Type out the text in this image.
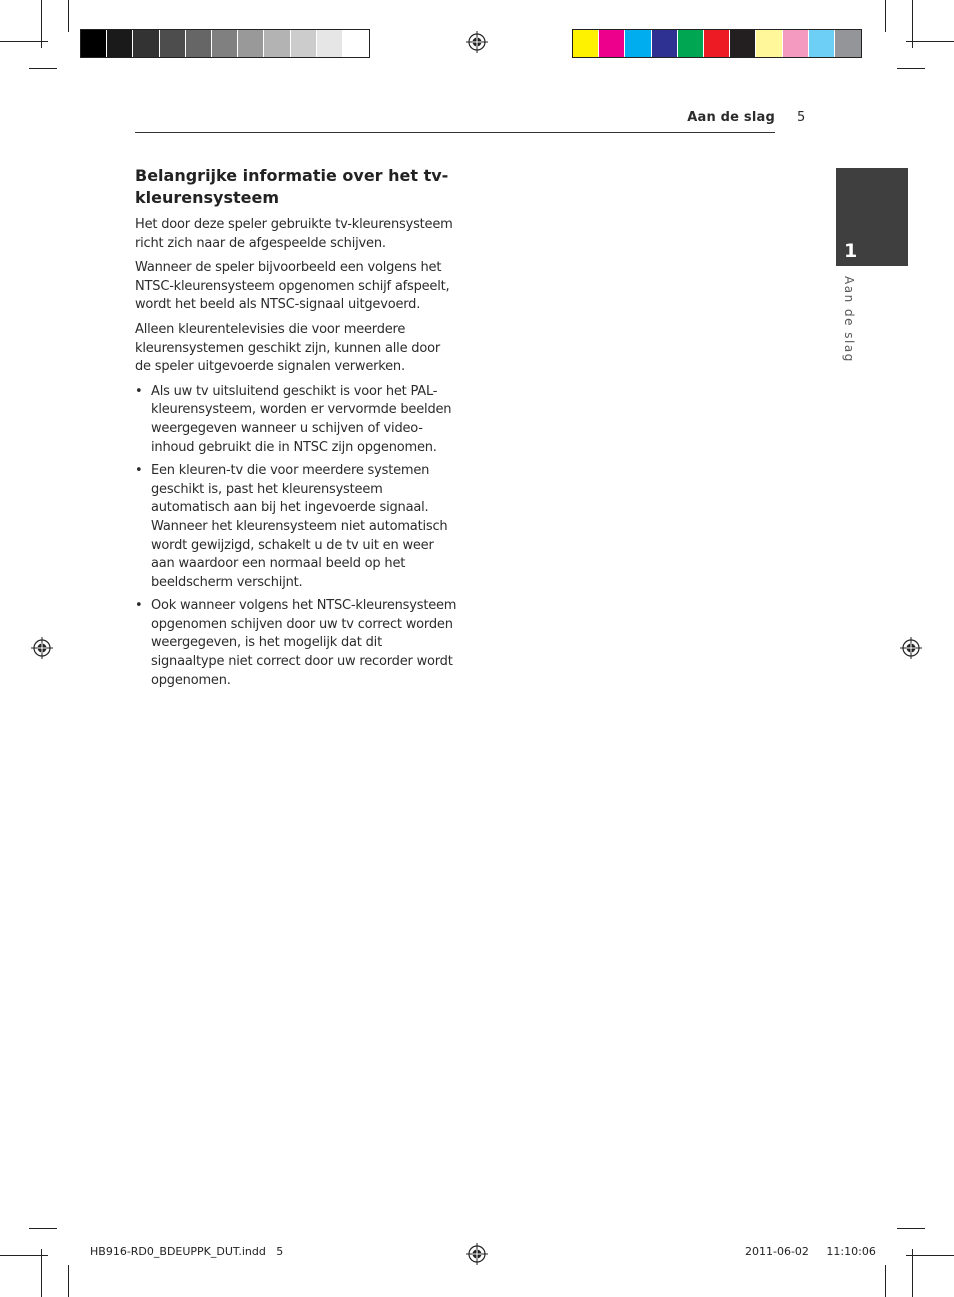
Aan de slag 5
1
Aan de slag
Belangrijke informatie over het tv-kleurensysteem

Het door deze speler gebruikte tv-kleurensysteem richt zich naar de afgespeelde schijven.

Wanneer de speler bijvoorbeeld een volgens het NTSC-kleurensysteem opgenomen schijf afspeelt, wordt het beeld als NTSC-signaal uitgevoerd.

Alleen kleurentelevisies die voor meerdere kleurensystemen geschikt zijn, kunnen alle door de speler uitgevoerde signalen verwerken.

• Als uw tv uitsluitend geschikt is voor het PAL-kleurensysteem, worden er vervormde beelden weergegeven wanneer u schijven of video-inhoud gebruikt die in NTSC zijn opgenomen.
• Een kleuren-tv die voor meerdere systemen geschikt is, past het kleurensysteem automatisch aan bij het ingevoerde signaal. Wanneer het kleurensysteem niet automatisch wordt gewijzigd, schakelt u de tv uit en weer aan waardoor een normaal beeld op het beeldscherm verschijnt.
• Ook wanneer volgens het NTSC-kleurensysteem opgenomen schijven door uw tv correct worden weergegeven, is het mogelijk dat dit signaaltype niet correct door uw recorder wordt opgenomen.
HB916-RD0_BDEUPPK_DUT.indd   5	2011-06-02     11:10:06
